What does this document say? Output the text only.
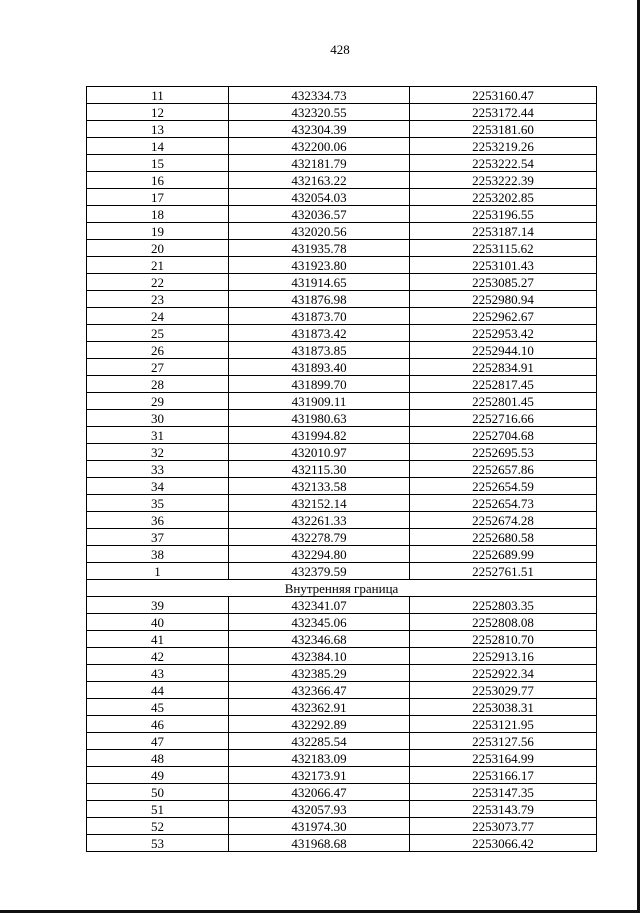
428
11	432334.73	2253160.47
12	432320.55	2253172.44
13	432304.39	2253181.60
14	432200.06	2253219.26
15	432181.79	2253222.54
16	432163.22	2253222.39
17	432054.03	2253202.85
18	432036.57	2253196.55
19	432020.56	2253187.14
20	431935.78	2253115.62
21	431923.80	2253101.43
22	431914.65	2253085.27
23	431876.98	2252980.94
24	431873.70	2252962.67
25	431873.42	2252953.42
26	431873.85	2252944.10
27	431893.40	2252834.91
28	431899.70	2252817.45
29	431909.11	2252801.45
30	431980.63	2252716.66
31	431994.82	2252704.68
32	432010.97	2252695.53
33	432115.30	2252657.86
34	432133.58	2252654.59
35	432152.14	2252654.73
36	432261.33	2252674.28
37	432278.79	2252680.58
38	432294.80	2252689.99
1	432379.59	2252761.51
Внутренняя граница		
39	432341.07	2252803.35
40	432345.06	2252808.08
41	432346.68	2252810.70
42	432384.10	2252913.16
43	432385.29	2252922.34
44	432366.47	2253029.77
45	432362.91	2253038.31
46	432292.89	2253121.95
47	432285.54	2253127.56
48	432183.09	2253164.99
49	432173.91	2253166.17
50	432066.47	2253147.35
51	432057.93	2253143.79
52	431974.30	2253073.77
53	431968.68	2253066.42
